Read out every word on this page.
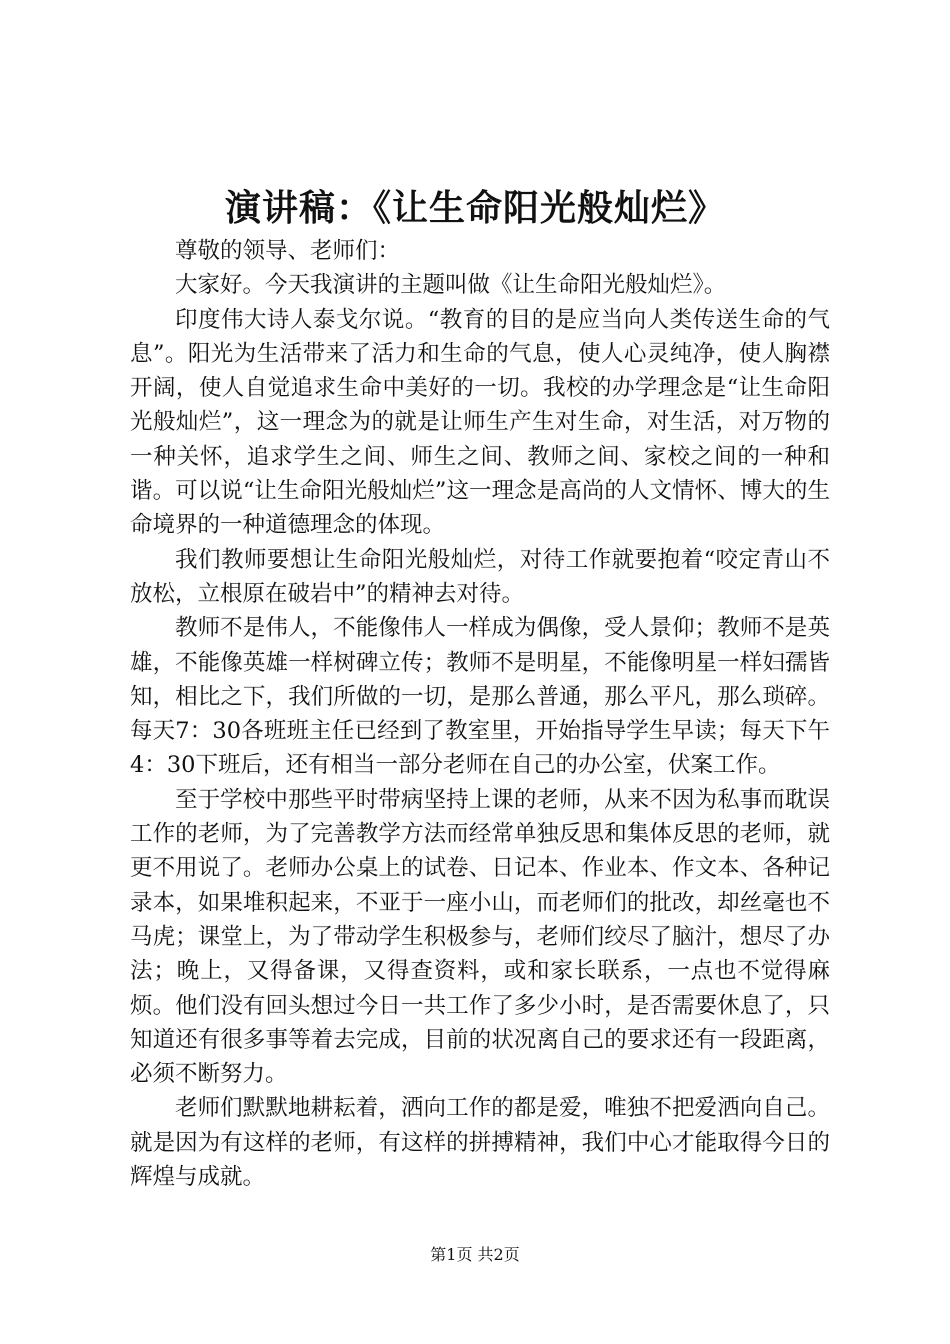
演讲稿：《让生命阳光般灿烂》

尊敬的领导、老师们：

大家好。今天我演讲的主题叫做《让生命阳光般灿烂》。

印度伟大诗人泰戈尔说。“教育的目的是应当向人类传送生命的气息”。阳光为生活带来了活力和生命的气息，使人心灵纯净，使人胸襟开阔，使人自觉追求生命中美好的一切。我校的办学理念是“让生命阳光般灿烂”，这一理念为的就是让师生产生对生命，对生活，对万物的一种关怀，追求学生之间、师生之间、教师之间、家校之间的一种和谐。可以说“让生命阳光般灿烂”这一理念是高尚的人文情怀、博大的生命境界的一种道德理念的体现。

我们教师要想让生命阳光般灿烂，对待工作就要抱着“咬定青山不放松，立根原在破岩中”的精神去对待。

教师不是伟人，不能像伟人一样成为偶像，受人景仰；教师不是英雄，不能像英雄一样树碑立传；教师不是明星，不能像明星一样妇孺皆知，相比之下，我们所做的一切，是那么普通，那么平凡，那么琐碎。每天7：30各班班主任已经到了教室里，开始指导学生早读；每天下午4：30下班后，还有相当一部分老师在自己的办公室，伏案工作。

至于学校中那些平时带病坚持上课的老师，从来不因为私事而耽误工作的老师，为了完善教学方法而经常单独反思和集体反思的老师，就更不用说了。老师办公桌上的试卷、日记本、作业本、作文本、各种记录本，如果堆积起来，不亚于一座小山，而老师们的批改，却丝毫也不马虎；课堂上，为了带动学生积极参与，老师们绞尽了脑汁，想尽了办法；晚上，又得备课，又得查资料，或和家长联系，一点也不觉得麻烦。他们没有回头想过今日一共工作了多少小时，是否需要休息了，只知道还有很多事等着去完成，目前的状况离自己的要求还有一段距离，必须不断努力。

老师们默默地耕耘着，洒向工作的都是爱，唯独不把爱洒向自己。就是因为有这样的老师，有这样的拼搏精神，我们中心才能取得今日的辉煌与成就。

第1页 共2页
